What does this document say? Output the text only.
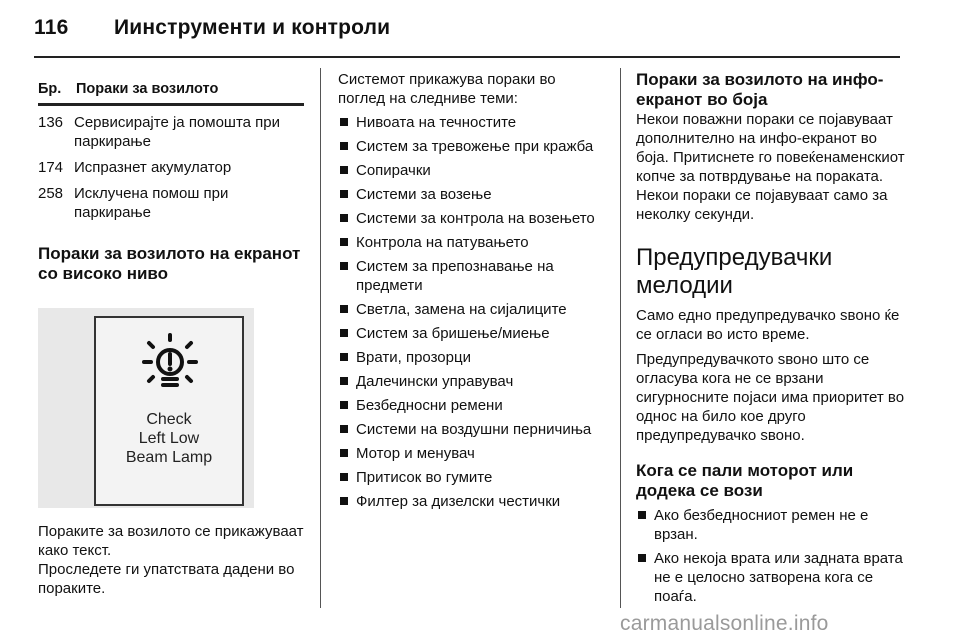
116 Иинструменти и контроли
Бр.	Пораки за возилото
136 Сервисирајте ја помошта при паркирање
174 Испразнет акумулатор
258 Исклучена помош при паркирање
Пораки за возилото на екранот со високо ниво
Check
Left Low
Beam Lamp

Пораките за возилото се прикажуваат како текст.

Проследете ги упатствата дадени во пораките.

Системот прикажува пораки во поглед на следниве теми:

Нивоата на течностите
Систем за тревожење при кражба
Сопирачки
Системи за возење
Системи за контрола на возењето
Контрола на патувањето
Систем за препознавање на предмети
Светла, замена на сијалиците
Систем за бришење/миење
Врати, прозорци
Далечински управувач
Безбедносни ремени
Системи на воздушни перничиња
Мотор и менувач
Притисок во гумите
Филтер за дизелски честички
Пораки за возилото на инфо-екранот во боја

Некои поважни пораки се појавуваат дополнително на инфо-екранот во боја. Притиснете го повеќенаменскиот копче за потврдување на пораката. Некои пораки се појавуваат само за неколку секунди.

Предупредувачки мелодии

Само едно предупредувачко ѕвоно ќе се огласи во исто време.

Предупредувачкото ѕвоно што се огласува кога не се врзани сигурносните појаси има приоритет во однос на било кое друго предупредувачко ѕвоно.

Кога се пали моторот или додека се вози
Ако безбедносниот ремен не е врзан.
Ако некоја врата или задната врата не е целосно затворена кога се поаѓа.
carmanualsonline.info
